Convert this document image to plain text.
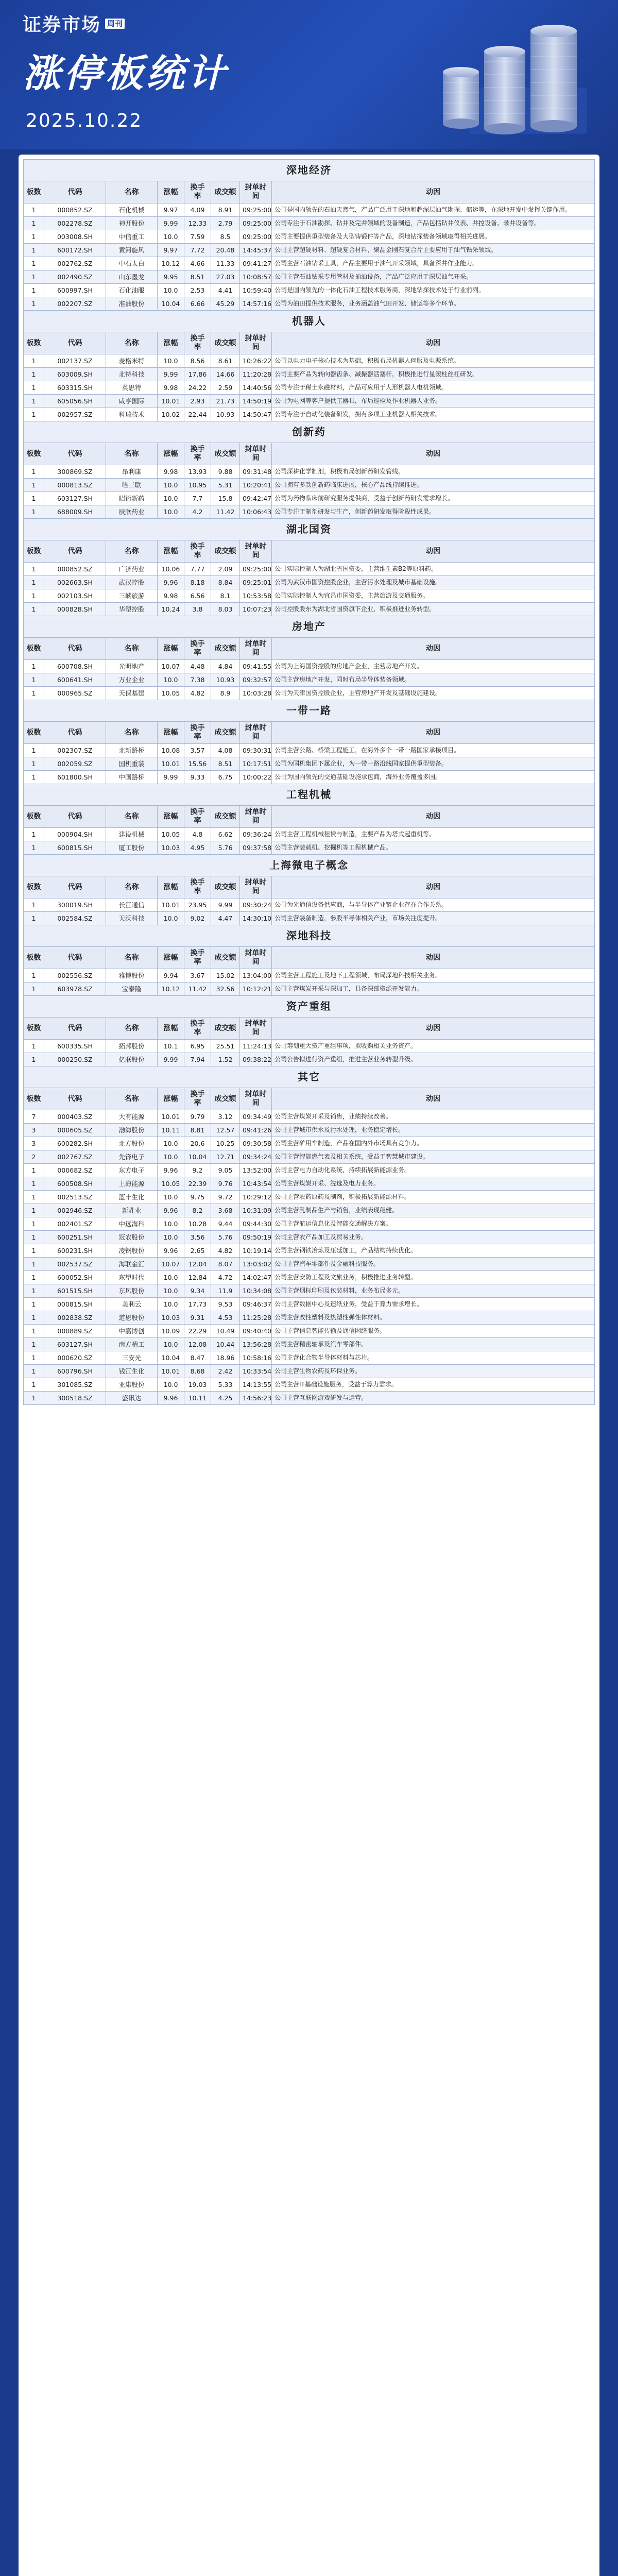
证券市场 周刊
涨停板统计
2025.10.22
深地经济							
板数	代码	名称	涨幅	换手率	成交额	封单时间	动因
1	000852.SZ	石化机械	9.97	4.09	8.91	09:25:00	公司是国内领先的石油天然气，产品广泛用于深地和超深层油气勘探、储运等，在深地开发中发挥关键作用。
1	002278.SZ	神开股份	9.99	12.33	2.79	09:25:00	公司专注于石油勘探、钻井及完井领域的设备制造，产品包括钻井仪表、井控设备、录井设备等。
1	003008.SH	中信重工	10.0	7.59	8.5	09:25:00	公司主要提供重型装备及大型铸锻件等产品，深地钻探装备领域取得相关进展。
1	600172.SH	黄河旋风	9.97	7.72	20.48	14:45:37	公司主营超硬材料、超硬复合材料，聚晶金刚石复合片主要应用于油气钻采领域。
1	002762.SZ	中石太白	10.12	4.66	11.33	09:41:27	公司主营石油钻采工具，产品主要用于油气开采领域，具备深井作业能力。
1	002490.SZ	山东墨龙	9.95	8.51	27.03	10:08:57	公司主营石油钻采专用管材及抽油设备，产品广泛应用于深层油气开采。
1	600997.SH	石化油服	10.0	2.53	4.41	10:59:40	公司是国内领先的一体化石油工程技术服务商，深地钻探技术处于行业前列。
1	002207.SZ	准油股份	10.04	6.66	45.29	14:57:16	公司为油田提供技术服务，业务涵盖油气田开发、储运等多个环节。
机器人							
板数	代码	名称	涨幅	换手率	成交额	封单时间	动因
1	002137.SZ	麦格米特	10.0	8.56	8.61	10:26:22	公司以电力电子核心技术为基础，积极布局机器人伺服及电源系统。
1	603009.SH	北特科技	9.99	17.86	14.66	11:20:28	公司主要产品为转向器齿条、减振器活塞杆，积极推进行星滚柱丝杠研发。
1	603315.SH	英思特	9.98	24.22	2.59	14:40:56	公司专注于稀土永磁材料，产品可应用于人形机器人电机领域。
1	605056.SH	咸亨国际	10.01	2.93	21.73	14:50:19	公司为电网等客户提供工器具，布局巡检及作业机器人业务。
1	002957.SZ	科瑞技术	10.02	22.44	10.93	14:50:47	公司专注于自动化装备研发，拥有多项工业机器人相关技术。
创新药							
板数	代码	名称	涨幅	换手率	成交额	封单时间	动因
1	300869.SZ	昂利康	9.98	13.93	9.88	09:31:48	公司深耕化学制剂，积极布局创新药研发管线。
1	000813.SZ	哈三联	10.0	10.95	5.31	10:20:41	公司拥有多款创新药临床进展，核心产品线持续推进。
1	603127.SH	昭衍新药	10.0	7.7	15.8	09:42:47	公司为药物临床前研究服务提供商，受益于创新药研发需求增长。
1	688009.SH	辰欣药业	10.0	4.2	11.42	10:06:43	公司专注于制剂研发与生产，创新药研发取得阶段性成果。
湖北国资							
板数	代码	名称	涨幅	换手率	成交额	封单时间	动因
1	000852.SZ	广济药业	10.06	7.77	2.09	09:25:00	公司实际控制人为湖北省国资委，主营维生素B2等原料药。
1	002663.SH	武汉控股	9.96	8.18	8.84	09:25:01	公司为武汉市国资控股企业，主营污水处理及城市基础设施。
1	002103.SH	三峡旅游	9.98	6.56	8.1	10:53:58	公司实际控制人为宜昌市国资委，主营旅游及交通服务。
1	000828.SH	华塑控股	10.24	3.8	8.03	10:07:23	公司控股股东为湖北省国资旗下企业，积极推进业务转型。
房地产							
板数	代码	名称	涨幅	换手率	成交额	封单时间	动因
1	600708.SH	光明地产	10.07	4.48	4.84	09:41:55	公司为上海国资控股的房地产企业，主营房地产开发。
1	600641.SH	万业企业	10.0	7.38	10.93	09:32:57	公司主营房地产开发，同时布局半导体装备领域。
1	000965.SZ	天保基建	10.05	4.82	8.9	10:03:28	公司为天津国资控股企业，主营房地产开发及基础设施建设。
一带一路							
板数	代码	名称	涨幅	换手率	成交额	封单时间	动因
1	002307.SZ	北新路桥	10.08	3.57	4.08	09:30:31	公司主营公路、桥梁工程施工，在海外多个一带一路国家承接项目。
1	002059.SZ	国机重装	10.01	15.56	8.51	10:17:51	公司为国机集团下属企业，为一带一路沿线国家提供重型装备。
1	601800.SH	中国路桥	9.99	9.33	6.75	10:00:22	公司为国内领先的交通基础设施承包商，海外业务覆盖多国。
工程机械							
板数	代码	名称	涨幅	换手率	成交额	封单时间	动因
1	000904.SH	建设机械	10.05	4.8	6.62	09:36:24	公司主营工程机械租赁与制造，主要产品为塔式起重机等。
1	600815.SH	厦工股份	10.03	4.95	5.76	09:37:58	公司主营装载机、挖掘机等工程机械产品。
上海微电子概念							
板数	代码	名称	涨幅	换手率	成交额	封单时间	动因
1	300019.SH	长江通信	10.01	23.95	9.99	09:30:24	公司为光通信设备供应商，与半导体产业链企业存在合作关系。
1	002584.SZ	天沃科技	10.0	9.02	4.47	14:30:10	公司主营装备制造，参股半导体相关产业，市场关注度提升。
深地科技							
板数	代码	名称	涨幅	换手率	成交额	封单时间	动因
1	002556.SZ	雅博股份	9.94	3.67	15.02	13:04:00	公司主营工程施工及地下工程领域，布局深地科技相关业务。
1	603978.SZ	宝泰隆	10.12	11.42	32.56	10:12:21	公司主营煤炭开采与深加工，具备深部资源开发能力。
资产重组							
板数	代码	名称	涨幅	换手率	成交额	封单时间	动因
1	600335.SH	拓邦股份	10.1	6.95	25.51	11:24:13	公司筹划重大资产重组事项，拟收购相关业务资产。
1	000250.SZ	亿联股份	9.99	7.94	1.52	09:38:22	公司公告拟进行资产重组，推进主营业务转型升级。
其它							
板数	代码	名称	涨幅	换手率	成交额	封单时间	动因
7	000403.SZ	大有能源	10.01	9.79	3.12	09:34:49	公司主营煤炭开采及销售，业绩持续改善。
3	000605.SZ	渤海股份	10.11	8.81	12.57	09:41:26	公司主营城市供水及污水处理，业务稳定增长。
3	600282.SH	北方股份	10.0	20.6	10.25	09:30:58	公司主营矿用车制造，产品在国内外市场具有竞争力。
2	002767.SZ	先锋电子	10.0	10.04	12.71	09:34:24	公司主营智能燃气表及相关系统，受益于智慧城市建设。
1	000682.SZ	东方电子	9.96	9.2	9.05	13:52:00	公司主营电力自动化系统，持续拓展新能源业务。
1	600508.SH	上海能源	10.05	22.39	9.76	10:43:54	公司主营煤炭开采、洗选及电力业务。
1	002513.SZ	蓝丰生化	10.0	9.75	9.72	10:29:12	公司主营农药原药及制剂，积极拓展新能源材料。
1	002946.SZ	新乳业	9.96	8.2	3.68	10:31:09	公司主营乳制品生产与销售，业绩表现稳健。
1	002401.SZ	中远海科	10.0	10.28	9.44	09:44:30	公司主营航运信息化及智能交通解决方案。
1	600251.SH	冠农股份	10.0	3.56	5.76	09:50:19	公司主营农产品加工及贸易业务。
1	600231.SH	凌钢股份	9.96	2.65	4.82	10:19:14	公司主营钢铁冶炼及压延加工，产品结构持续优化。
1	002537.SZ	海联金汇	10.07	12.04	8.07	13:03:02	公司主营汽车零部件及金融科技服务。
1	600052.SH	东望时代	10.0	12.84	4.72	14:02:47	公司主营安防工程及文旅业务，积极推进业务转型。
1	601515.SH	东风股份	10.0	9.34	11.9	10:34:08	公司主营烟标印刷及包装材料，业务布局多元。
1	000815.SH	美利云	10.0	17.73	9.53	09:46:37	公司主营数据中心及造纸业务，受益于算力需求增长。
1	002838.SZ	道恩股份	10.03	9.31	4.53	11:25:28	公司主营改性塑料及热塑性弹性体材料。
1	000889.SZ	中嘉博创	10.09	22.29	10.49	09:40:40	公司主营信息智能传输及通信网络服务。
1	603127.SH	南方精工	10.0	12.08	10.44	13:56:28	公司主营精密轴承及汽车零部件。
1	000620.SZ	三安光	10.04	8.47	18.96	10:58:16	公司主营化合物半导体材料与芯片。
1	600796.SH	钱江生化	10.01	8.68	2.42	10:33:54	公司主营生物农药及环保业务。
1	301085.SZ	亚康股份	10.0	19.03	5.33	14:13:55	公司主营IT基础设施服务，受益于算力需求。
1	300518.SZ	盛讯达	9.96	10.11	4.25	14:56:23	公司主营互联网游戏研发与运营。
